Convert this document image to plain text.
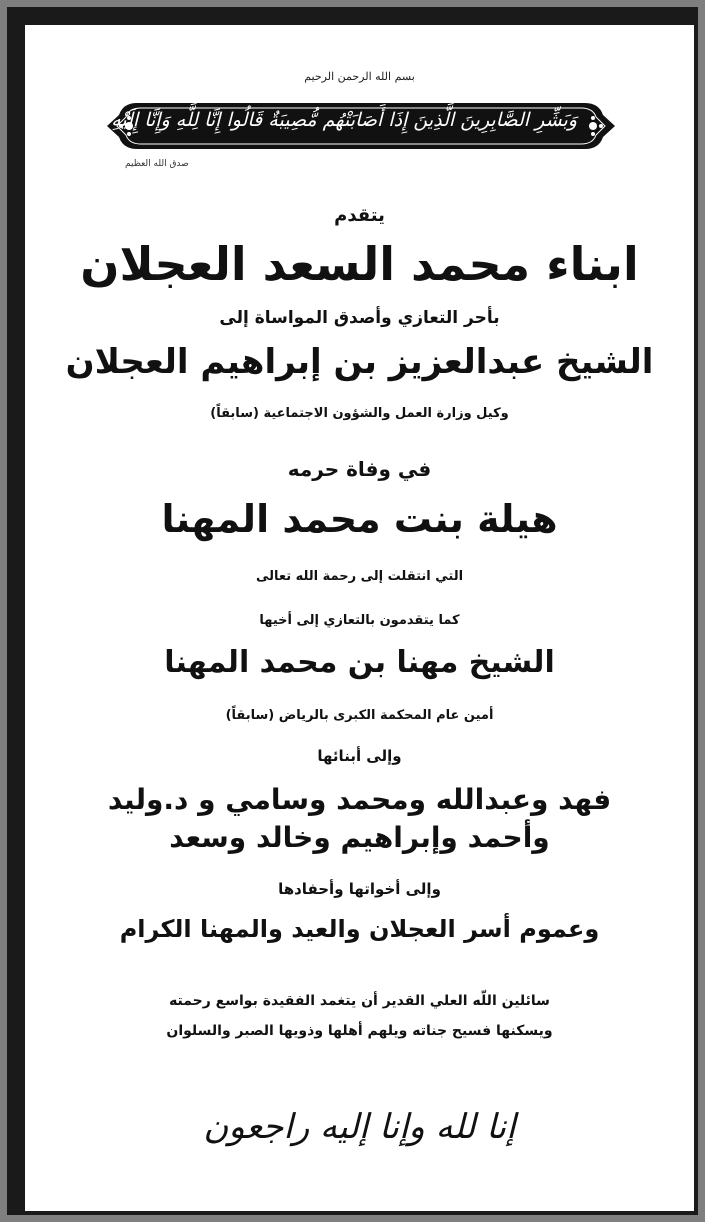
بسم الله الرحمن الرحيم
وَبَشِّرِ الصَّابِرِينَ الَّذِينَ إِذَا أَصَابَتْهُم مُّصِيبَةٌ قَالُوا إِنَّا لِلَّهِ وَإِنَّا إِلَيْهِ رَاجِعُونَ
صدق الله العظيم
يتقدم
ابناء محمد السعد العجلان
بأحر التعازي وأصدق المواساة إلى
الشيخ عبدالعزيز بن إبراهيم العجلان
وكيل وزارة العمل والشؤون الاجتماعية (سابقاً)
في وفاة حرمه
هيلة بنت محمد المهنا
التي انتقلت إلى رحمة الله تعالى
كما يتقدمون بالتعازي إلى أخيها
الشيخ مهنا بن محمد المهنا
أمين عام المحكمة الكبرى بالرياض (سابقاً)
وإلى أبنائها
فهد وعبدالله ومحمد وسامي و د.وليد
وأحمد وإبراهيم وخالد وسعد
وإلى أخواتها وأحفادها
وعموم أسر العجلان والعيد والمهنا الكرام
سائلين اللّه العلي القدير أن يتغمد الفقيدة بواسع رحمته
ويسكنها فسيح جناته ويلهم أهلها وذويها الصبر والسلوان
إنا لله وإنا إليه راجعون
